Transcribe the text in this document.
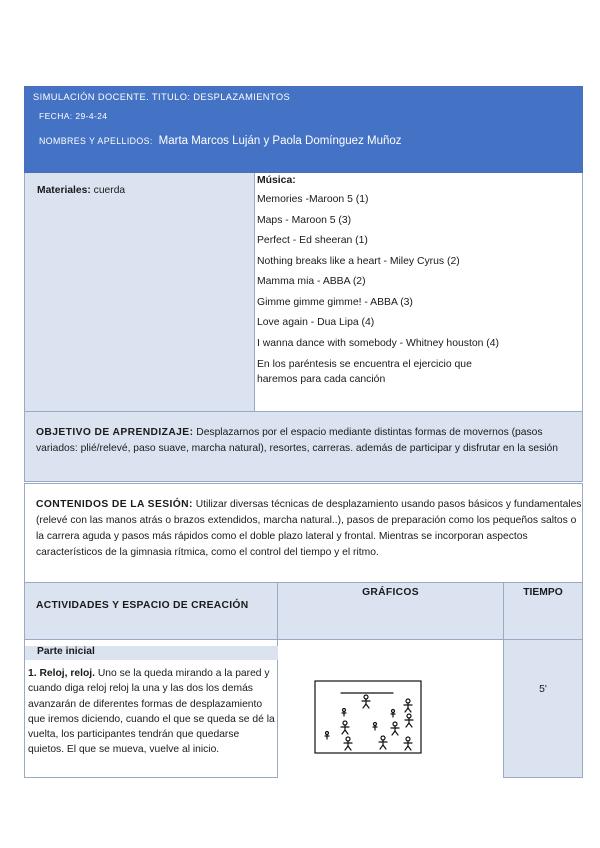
SIMULACIÓN DOCENTE. TITULO: DESPLAZAMIENTOS
FECHA: 29-4-24
NOMBRES Y APELLIDOS: Marta Marcos Luján y Paola Domínguez Muñoz
Materiales: cuerda
Música:
Memories -Maroon 5 (1)
Maps - Maroon 5 (3)
Perfect - Ed sheeran (1)
Nothing breaks like a heart - Miley Cyrus (2)
Mamma mia - ABBA (2)
Gimme gimme gimme! - ABBA (3)
Love again - Dua Lipa (4)
I wanna dance with somebody - Whitney houston (4)
En los paréntesis se encuentra el ejercicio que haremos para cada canción
OBJETIVO DE APRENDIZAJE: Desplazarnos por el espacio mediante distintas formas de movernos (pasos variados: plié/relevé, paso suave, marcha natural), resortes, carreras. además de participar y disfrutar en la sesión
CONTENIDOS DE LA SESIÓN: Utilizar diversas técnicas de desplazamiento usando pasos básicos y fundamentales (relevé con las manos atrás o brazos extendidos, marcha natural..), pasos de preparación como los pequeños saltos o la carrera aguda y pasos más rápidos como el doble plazo lateral y frontal. Mientras se incorporan aspectos característicos de la gimnasia rítmica, como el control del tiempo y el ritmo.
ACTIVIDADES Y ESPACIO DE CREACIÓN
GRÁFICOS	TIEMPO
Parte inicial
1. Reloj, reloj. Uno se la queda mirando a la pared y cuando diga reloj reloj la una y las dos los demás avanzarán de diferentes formas de desplazamiento que iremos diciendo, cuando el que se queda se dé la vuelta, los participantes tendrán que quedarse quietos. El que se mueva, vuelve al inicio.
5'
